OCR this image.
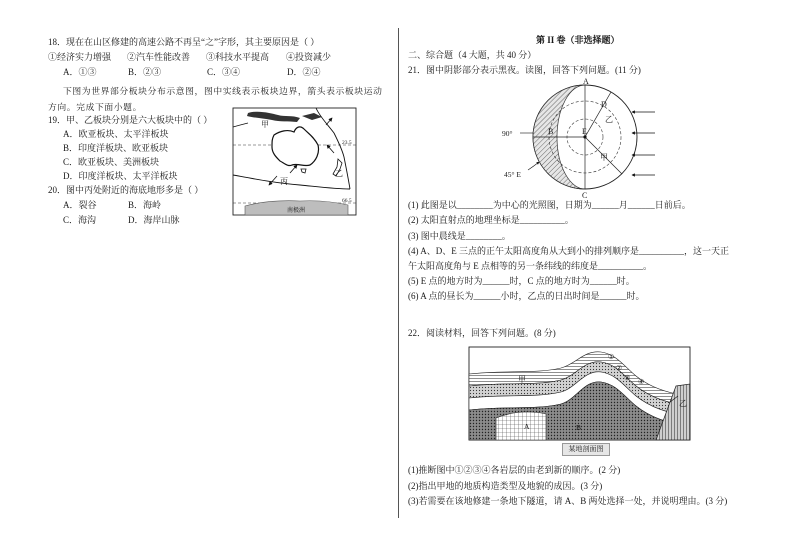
18．现在在山区修建的高速公路不再呈“之”字形，其主要原因是（ ）
①经济实力增强 ②汽车性能改善 ③科技水平提高 ④投资减少
A．①③	B．②③	C．③④	D．②④
下图为世界部分板块分布示意图，图中实线表示板块边界，箭头表示板块运动
方向。完成下面小题。
19．甲、乙板块分别是六大板块中的（ ）
A．欧亚板块、太平洋板块
B．印度洋板块、欧亚板块
C．欧亚板块、美洲板块
D．印度洋板块、太平洋板块
20．图中丙处附近的海底地形多是（ ）
A．裂谷	B．海岭
C．海沟	D．海岸山脉
甲
丙
乙
23.5
66.5
南极洲
第 II 卷（非选择题）
二、综合题（4 大题，共 40 分）
21．图中阴影部分表示黑夜。读图，回答下列问题。(11 分)
A
D
B	E
乙
甲
C
90°
45° E
(1) 此图是以________为中心的光照图，日期为______月______日前后。
(2) 太阳直射点的地理坐标是__________。
(3) 图中晨线是________。
(4) A、D、E 三点的正午太阳高度角从大到小的排列顺序是__________，这一天正
午太阳高度角与 E 点相等的另一条纬线的纬度是__________。
(5) E 点的地方时为______时，C 点的地方时为______时。
(6) A 点的昼长为______小时，乙点的日出时间是______时。
22．阅读材料，回答下列问题。(8 分)
甲
乙
①
②
③ ④
A	B
某地剖面图
(1)推断图中①②③④各岩层的由老到新的顺序。(2 分)
(2)指出甲地的地质构造类型及地貌的成因。(3 分)
(3)若需要在该地修建一条地下隧道，请 A、B 两处选择一处，并说明理由。(3 分)
